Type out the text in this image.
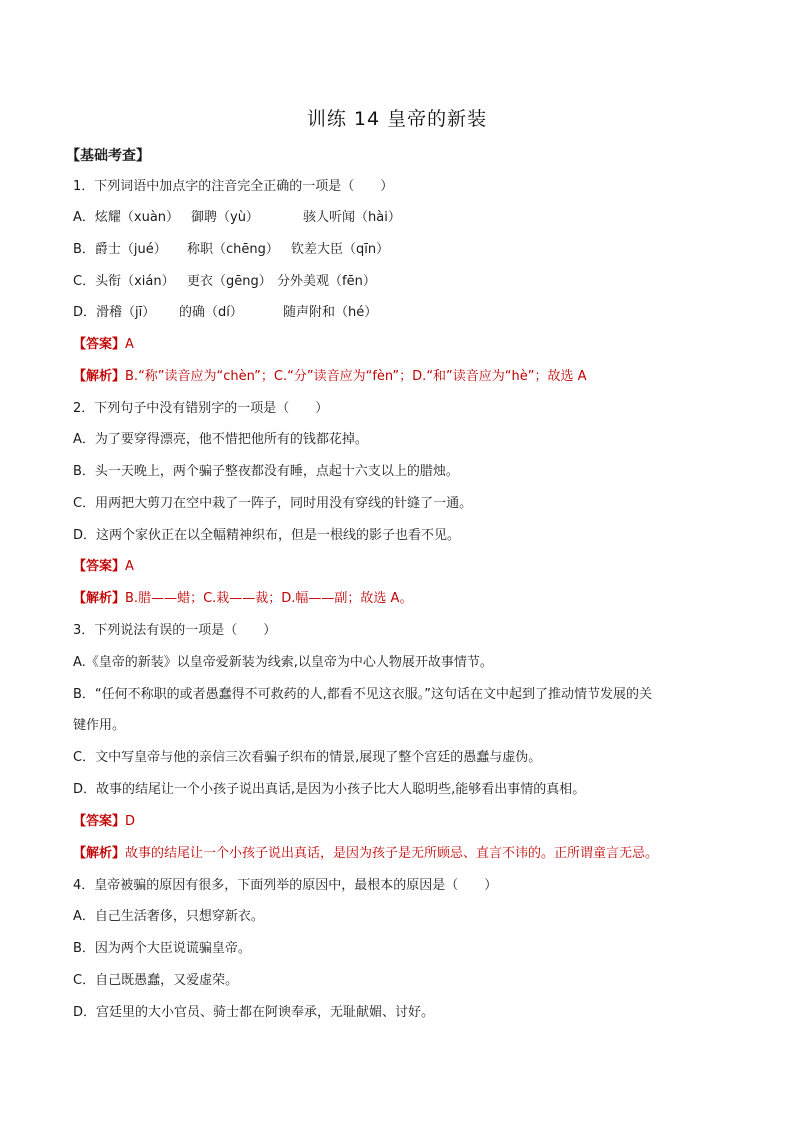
训练 14 皇帝的新装
【基础考查】
1．下列词语中加点字的注音完全正确的一项是（　　）
A．炫耀（xuàn） 御聘（yù）	骇人听闻（hài）
B．爵士（jué） 称职（chēng） 钦差大臣（qīn）
C．头衔（xián） 更衣（gēng） 分外美观（fēn）
D．滑稽（jī） 的确（dí）	随声附和（hé）
【答案】A
【解析】B.“称”读音应为“chèn”；C.“分”读音应为“fèn”；D.“和”读音应为“hè”；故选 A
2．下列句子中没有错别字的一项是（　　）
A．为了要穿得漂亮，他不惜把他所有的钱都花掉。
B．头一天晚上，两个骗子整夜都没有睡，点起十六支以上的腊烛。
C．用两把大剪刀在空中栽了一阵子，同时用没有穿线的针缝了一通。
D．这两个家伙正在以全幅精神织布，但是一根线的影子也看不见。
【答案】A
【解析】B.腊——蜡；C.栽——裁；D.幅——副；故选 A。
3．下列说法有误的一项是（　　）
A.《皇帝的新装》以皇帝爱新装为线索,以皇帝为中心人物展开故事情节。
B．“任何不称职的或者愚蠢得不可救药的人,都看不见这衣服。”这句话在文中起到了推动情节发展的关
键作用。
C．文中写皇帝与他的亲信三次看骗子织布的情景,展现了整个宫廷的愚蠢与虚伪。
D．故事的结尾让一个小孩子说出真话,是因为小孩子比大人聪明些,能够看出事情的真相。
【答案】D
【解析】故事的结尾让一个小孩子说出真话，是因为孩子是无所顾忌、直言不讳的。正所谓童言无忌。
4．皇帝被骗的原因有很多，下面列举的原因中，最根本的原因是（　　）
A．自己生活奢侈，只想穿新衣。
B．因为两个大臣说谎骗皇帝。
C．自己既愚蠢，又爱虚荣。
D．宫廷里的大小官员、骑士都在阿谀奉承，无耻献媚、讨好。
